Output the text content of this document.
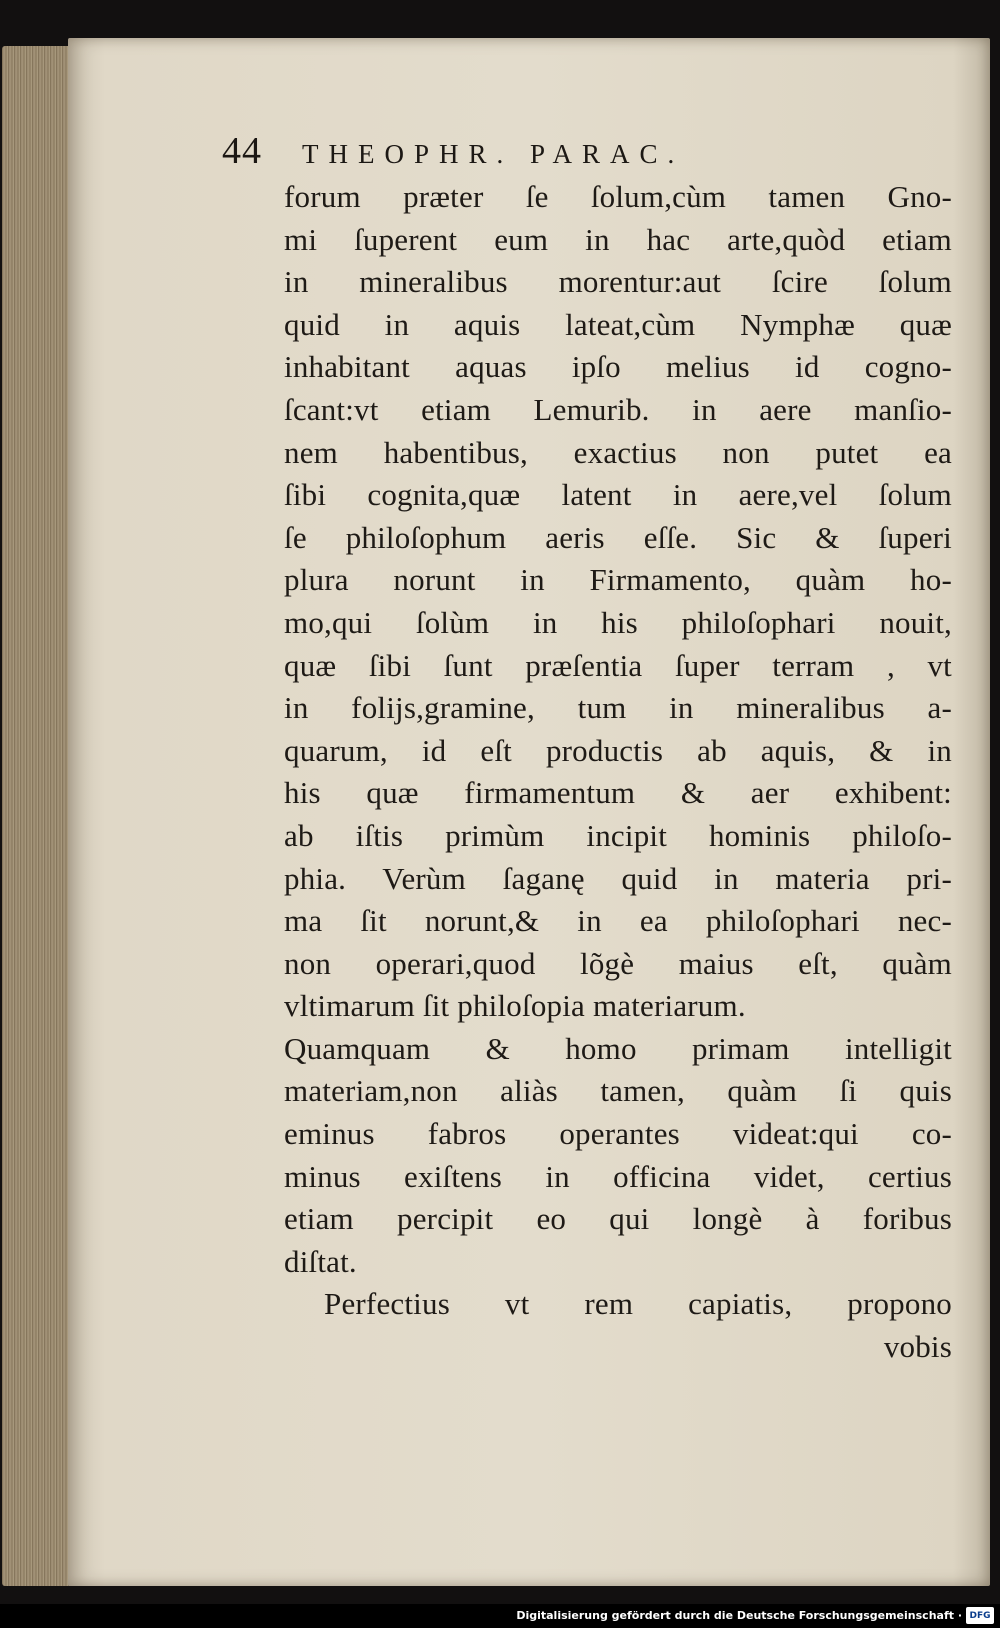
44 THEOPHR. PARAC.
forum præter ſe ſolum,cùm tamen Gno-
mi ſuperent eum in hac arte,quòd etiam
in mineralibus morentur:aut ſcire ſolum
quid in aquis lateat,cùm Nymphæ quæ
inhabitant aquas ipſo melius id cogno-
ſcant:vt etiam Lemurib. in aere manſio-
nem habentibus, exactius non putet ea
ſibi cognita,quæ latent in aere,vel ſolum
ſe philoſophum aeris eſſe. Sic & ſuperi
plura norunt in Firmamento, quàm ho-
mo,qui ſolùm in his philoſophari nouit,
quæ ſibi ſunt præſentia ſuper terram , vt
in folijs,gramine, tum in mineralibus a-
quarum, id eſt productis ab aquis, & in
his quæ firmamentum & aer exhibent:
ab iſtis primùm incipit hominis philoſo-
phia. Verùm ſaganę quid in materia pri-
ma ſit norunt,& in ea philoſophari nec-
non operari,quod lõgè maius eſt, quàm
vltimarum ſit philoſopia materiarum.
Quamquam & homo primam intelligit
materiam,non aliàs tamen, quàm ſi quis
eminus fabros operantes videat:qui co-
minus exiſtens in officina videt, certius
etiam percipit eo qui longè à foribus
diſtat.
Perfectius vt rem capiatis, propono
vobis
Digitalisierung gefördert durch die Deutsche Forschungsgemeinschaft · DFG
